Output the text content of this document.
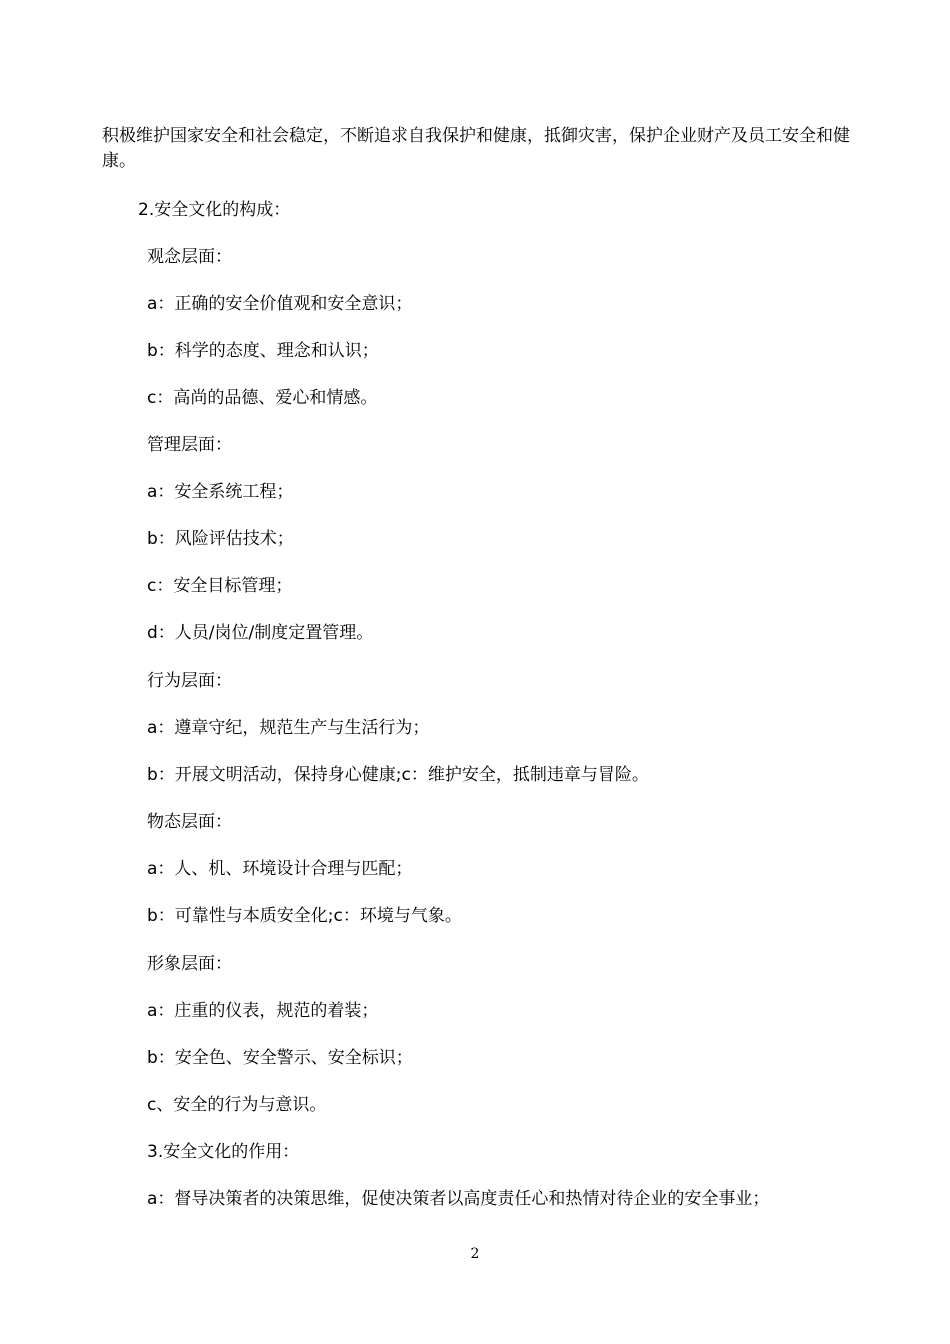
积极维护国家安全和社会稳定，不断追求自我保护和健康，抵御灾害，保护企业财产及员工安全和健康。
2.安全文化的构成：
观念层面：
a：正确的安全价值观和安全意识；
b：科学的态度、理念和认识；
c：高尚的品德、爱心和情感。
管理层面：
a：安全系统工程；
b：风险评估技术；
c：安全目标管理；
d：人员/岗位/制度定置管理。
行为层面：
a：遵章守纪，规范生产与生活行为；
b：开展文明活动，保持身心健康;c：维护安全，抵制违章与冒险。
物态层面：
a：人、机、环境设计合理与匹配；
b：可靠性与本质安全化;c：环境与气象。
形象层面：
a：庄重的仪表，规范的着装；
b：安全色、安全警示、安全标识；
c、安全的行为与意识。
3.安全文化的作用：
a：督导决策者的决策思维，促使决策者以高度责任心和热情对待企业的安全事业；
2
